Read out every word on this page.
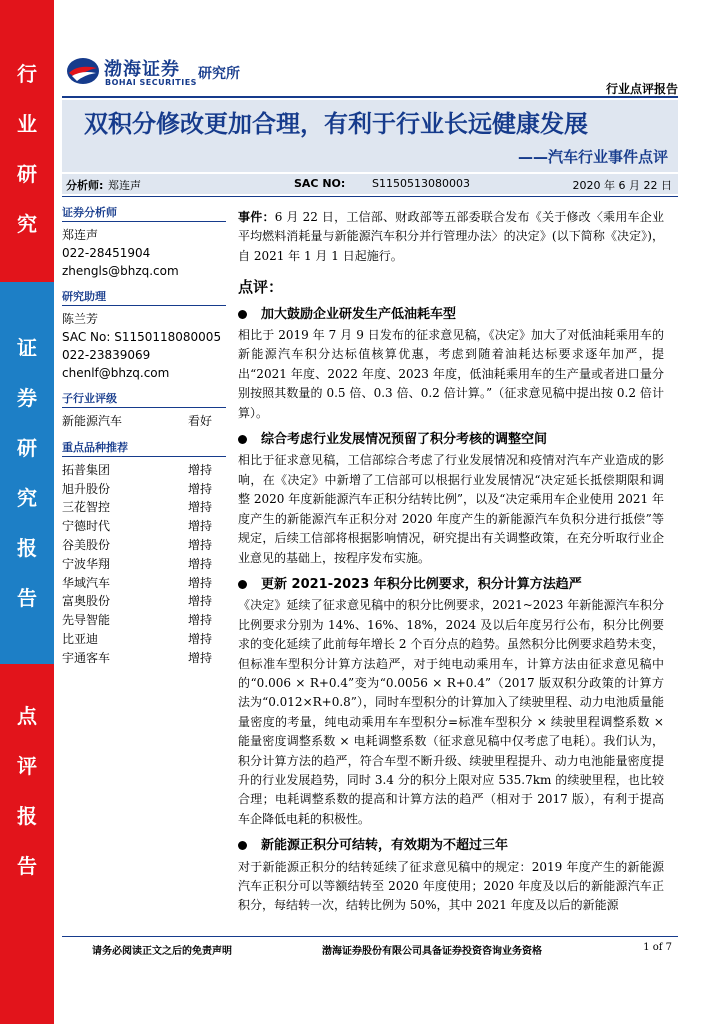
行
业
研
究
证
券
研
究
报
告
点
评
报
告
渤海证券
BOHAI SECURITIES
研究所
行业点评报告
双积分修改更加合理，有利于行业长远健康发展
——汽车行业事件点评
分析师: 郑连声	SAC NO: S1150513080003	2020 年 6 月 22 日
证券分析师
郑连声
022-28451904
zhengls@bhzq.com
研究助理
陈兰芳
SAC No: S1150118080005
022-23839069
chenlf@bhzq.com
子行业评级
新能源汽车	看好
重点品种推荐
拓普集团	增持
旭升股份	增持
三花智控	增持
宁德时代	增持
谷美股份	增持
宁波华翔	增持
华域汽车	增持
富奥股份	增持
先导智能	增持
比亚迪	增持
宇通客车	增持

事件：6 月 22 日，工信部、财政部等五部委联合发布《关于修改〈乘用车企业平均燃料消耗量与新能源汽车积分并行管理办法〉的决定》(以下简称《决定》)，自 2021 年 1 月 1 日起施行。

点评：
加大鼓励企业研发生产低油耗车型

相比于 2019 年 7 月 9 日发布的征求意见稿，《决定》加大了对低油耗乘用车的新能源汽车积分达标值核算优惠，考虑到随着油耗达标要求逐年加严，提出“2021 年度、2022 年度、2023 年度，低油耗乘用车的生产量或者进口量分别按照其数量的 0.5 倍、0.3 倍、0.2 倍计算。”（征求意见稿中提出按 0.2 倍计算）。

综合考虑行业发展情况预留了积分考核的调整空间

相比于征求意见稿，工信部综合考虑了行业发展情况和疫情对汽车产业造成的影响，在《决定》中新增了工信部可以根据行业发展情况“决定延长抵偿期限和调整 2020 年度新能源汽车正积分结转比例”，以及“决定乘用车企业使用 2021 年度产生的新能源汽车正积分对 2020 年度产生的新能源汽车负积分进行抵偿”等规定，后续工信部将根据影响情况，研究提出有关调整政策，在充分听取行业企业意见的基础上，按程序发布实施。

更新 2021-2023 年积分比例要求，积分计算方法趋严

《决定》延续了征求意见稿中的积分比例要求，2021~2023 年新能源汽车积分比例要求分别为 14%、16%、18%，2024 及以后年度另行公布，积分比例要求的变化延续了此前每年增长 2 个百分点的趋势。虽然积分比例要求趋势未变，但标准车型积分计算方法趋严，对于纯电动乘用车，计算方法由征求意见稿中的“0.006 × R+0.4”变为“0.0056 × R+0.4”（2017 版双积分政策的计算方法为“0.012×R+0.8”），同时车型积分的计算加入了续驶里程、动力电池质量能量密度的考量，纯电动乘用车车型积分=标准车型积分 × 续驶里程调整系数 × 能量密度调整系数 × 电耗调整系数（征求意见稿中仅考虑了电耗）。我们认为，积分计算方法的趋严，符合车型不断升级、续驶里程提升、动力电池能量密度提升的行业发展趋势，同时 3.4 分的积分上限对应 535.7km 的续驶里程，也比较合理；电耗调整系数的提高和计算方法的趋严（相对于 2017 版），有利于提高车企降低电耗的积极性。

新能源正积分可结转，有效期为不超过三年

对于新能源正积分的结转延续了征求意见稿中的规定：2019 年度产生的新能源汽车正积分可以等额结转至 2020 年度使用；2020 年度及以后的新能源汽车正积分，每结转一次，结转比例为 50%，其中 2021 年度及以后的新能源

请务必阅读正文之后的免责声明	渤海证券股份有限公司具备证券投资咨询业务资格	1 of 7
